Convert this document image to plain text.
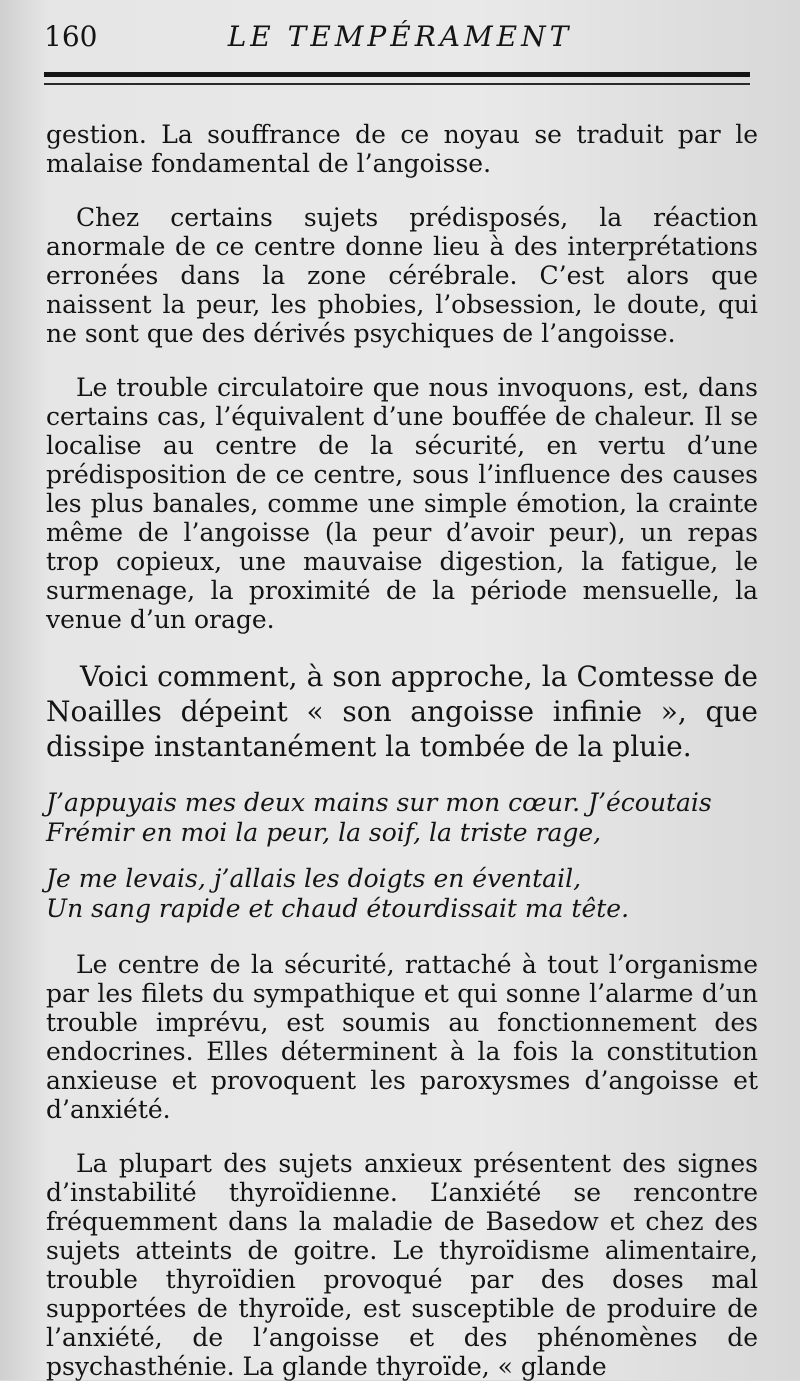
160	LE TEMPÉRAMENT

gestion. La souffrance de ce noyau se traduit par le malaise fondamental de l’angoisse.

Chez certains sujets prédisposés, la réaction anormale de ce centre donne lieu à des interprétations erronées dans la zone cérébrale. C’est alors que naissent la peur, les phobies, l’obsession, le doute, qui ne sont que des dérivés psychiques de l’angoisse.

Le trouble circulatoire que nous invoquons, est, dans certains cas, l’équivalent d’une bouffée de chaleur. Il se localise au centre de la sécurité, en vertu d’une prédisposition de ce centre, sous l’influence des causes les plus banales, comme une simple émotion, la crainte même de l’angoisse (la peur d’avoir peur), un repas trop copieux, une mauvaise digestion, la fatigue, le surmenage, la proximité de la période mensuelle, la venue d’un orage.

Voici comment, à son approche, la Comtesse de Noailles dépeint « son angoisse infinie », que dissipe instantanément la tombée de la pluie.

J’appuyais mes deux mains sur mon cœur. J’écoutais
Frémir en moi la peur, la soif, la triste rage,
Je me levais, j’allais les doigts en éventail,
Un sang rapide et chaud étourdissait ma tête.

Le centre de la sécurité, rattaché à tout l’organisme par les filets du sympathique et qui sonne l’alarme d’un trouble imprévu, est soumis au fonctionnement des endocrines. Elles déterminent à la fois la constitution anxieuse et provoquent les paroxysmes d’angoisse et d’anxiété.

La plupart des sujets anxieux présentent des signes d’instabilité thyroïdienne. L’anxiété se rencontre fréquemment dans la maladie de Basedow et chez des sujets atteints de goitre. Le thyroïdisme alimentaire, trouble thyroïdien provoqué par des doses mal supportées de thyroïde, est susceptible de produire de l’anxiété, de l’angoisse et des phénomènes de psychasthénie. La glande thyroïde, « glande
